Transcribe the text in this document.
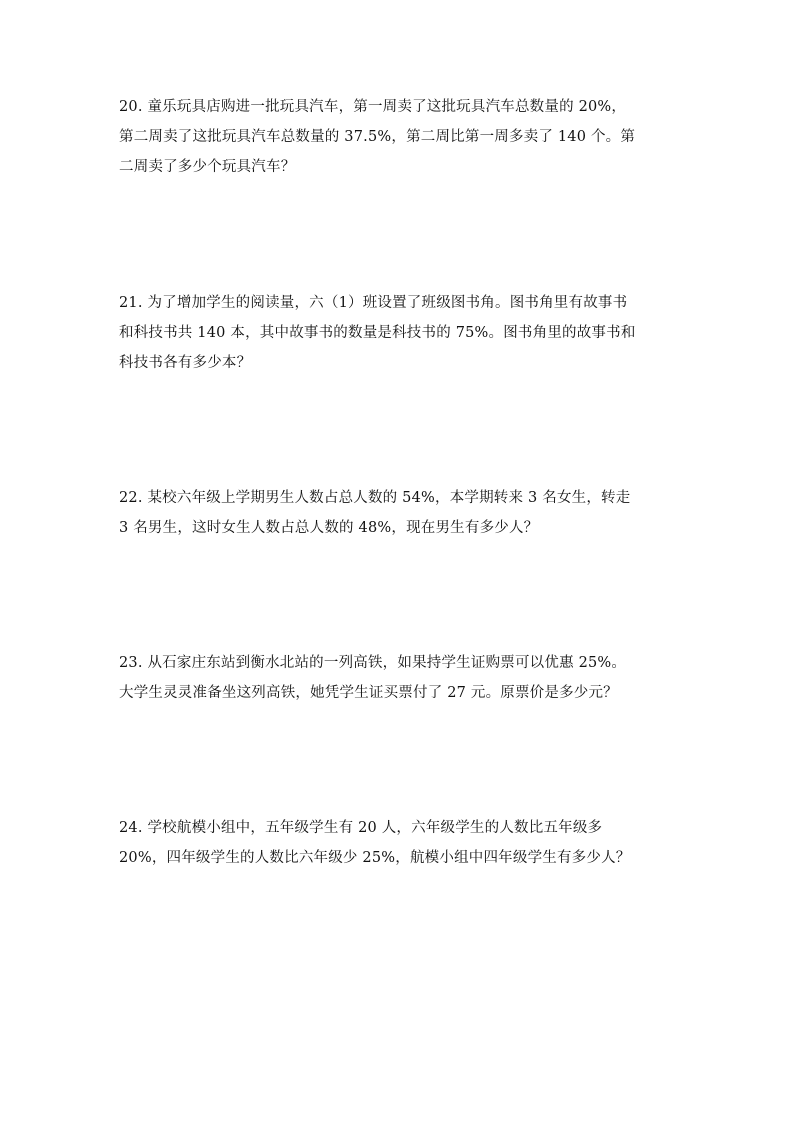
20. 童乐玩具店购进一批玩具汽车，第一周卖了这批玩具汽车总数量的 20%，
第二周卖了这批玩具汽车总数量的 37.5%，第二周比第一周多卖了 140 个。第
二周卖了多少个玩具汽车？
21. 为了增加学生的阅读量，六（1）班设置了班级图书角。图书角里有故事书
和科技书共 140 本，其中故事书的数量是科技书的 75%。图书角里的故事书和
科技书各有多少本？
22. 某校六年级上学期男生人数占总人数的 54%，本学期转来 3 名女生，转走
3 名男生，这时女生人数占总人数的 48%，现在男生有多少人？
23. 从石家庄东站到衡水北站的一列高铁，如果持学生证购票可以优惠 25%。
大学生灵灵准备坐这列高铁，她凭学生证买票付了 27 元。原票价是多少元？
24. 学校航模小组中，五年级学生有 20 人，六年级学生的人数比五年级多
20%，四年级学生的人数比六年级少 25%，航模小组中四年级学生有多少人？
